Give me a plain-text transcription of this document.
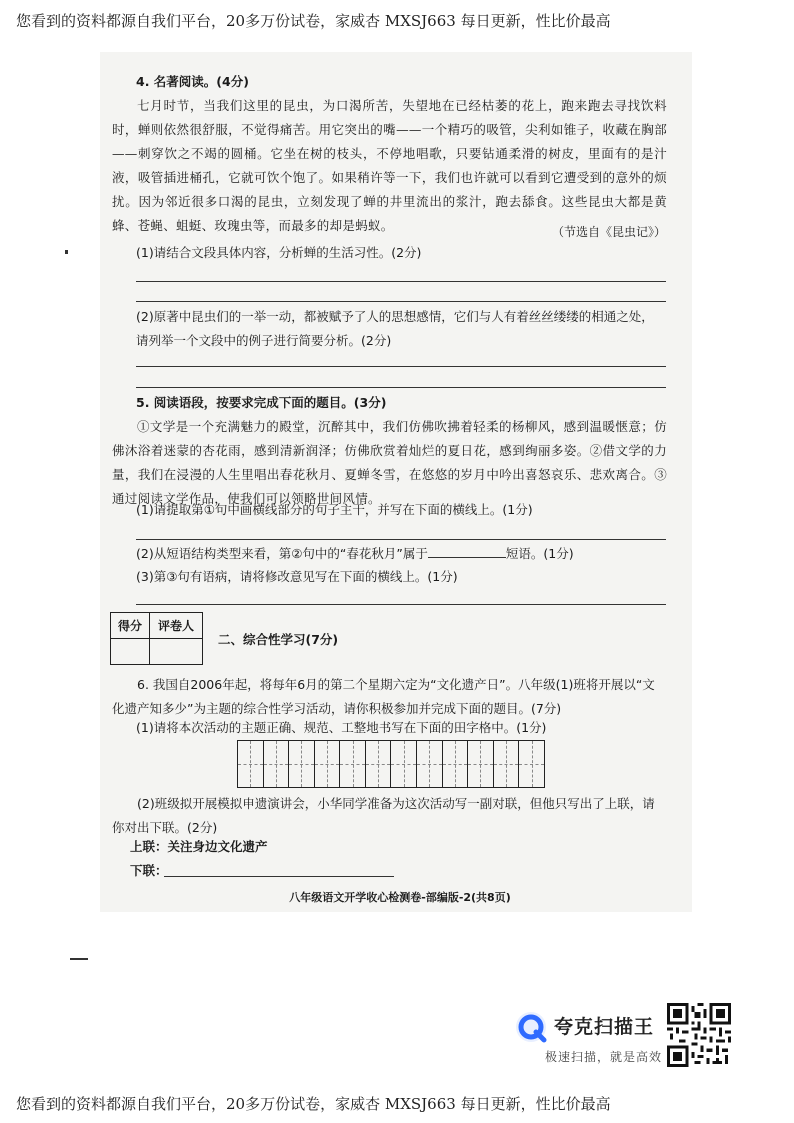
您看到的资料都源自我们平台，20多万份试卷，家威杏 MXSJ663 每日更新，性比价最高
4. 名著阅读。(4分)
七月时节，当我们这里的昆虫，为口渴所苦，失望地在已经枯萎的花上，跑来跑去寻找饮料时，蝉则依然很舒服，不觉得痛苦。用它突出的嘴——一个精巧的吸管，尖利如锥子，收藏在胸部——刺穿饮之不竭的圆桶。它坐在树的枝头，不停地唱歌，只要钻通柔滑的树皮，里面有的是汁液，吸管插进桶孔，它就可饮个饱了。如果稍许等一下，我们也许就可以看到它遭受到的意外的烦扰。因为邻近很多口渴的昆虫，立刻发现了蝉的井里流出的浆汁，跑去舔食。这些昆虫大都是黄蜂、苍蝇、蛆蜓、玫瑰虫等，而最多的却是蚂蚁。	（节选自《昆虫记》）
(1)请结合文段具体内容，分析蝉的生活习性。(2分)
(2)原著中昆虫们的一举一动，都被赋予了人的思想感情，它们与人有着丝丝缕缕的相通之处，请列举一个文段中的例子进行简要分析。(2分)
5. 阅读语段，按要求完成下面的题目。(3分)
①文学是一个充满魅力的殿堂，沉醉其中，我们仿佛吹拂着轻柔的杨柳风，感到温暖惬意；仿佛沐浴着迷蒙的杏花雨，感到清新润泽；仿佛欣赏着灿烂的夏日花，感到绚丽多姿。②借文学的力量，我们在浸漫的人生里唱出春花秋月、夏蝉冬雪，在悠悠的岁月中吟出喜怒哀乐、悲欢离合。③通过阅读文学作品，使我们可以领略世间风情。
(1)请提取第①句中画横线部分的句子主干，并写在下面的横线上。(1分)
(2)从短语结构类型来看，第②句中的“春花秋月”属于	短语。(1分)
(3)第③句有语病，请将修改意见写在下面的横线上。(1分)
得分	评卷人

二、综合性学习(7分)
6. 我国自2006年起，将每年6月的第二个星期六定为“文化遗产日”。八年级(1)班将开展以“文化遗产知多少”为主题的综合性学习活动，请你积极参加并完成下面的题目。(7分)
(1)请将本次活动的主题正确、规范、工整地书写在下面的田字格中。(1分)
(2)班级拟开展模拟申遗演讲会，小华同学准备为这次活动写一副对联，但他只写出了上联，请你对出下联。(2分)
上联：关注身边文化遗产
下联：
八年级语文开学收心检测卷-部编版-2(共8页)
夸克扫描王
极速扫描，就是高效
您看到的资料都源自我们平台，20多万份试卷，家威杏 MXSJ663 每日更新，性比价最高
